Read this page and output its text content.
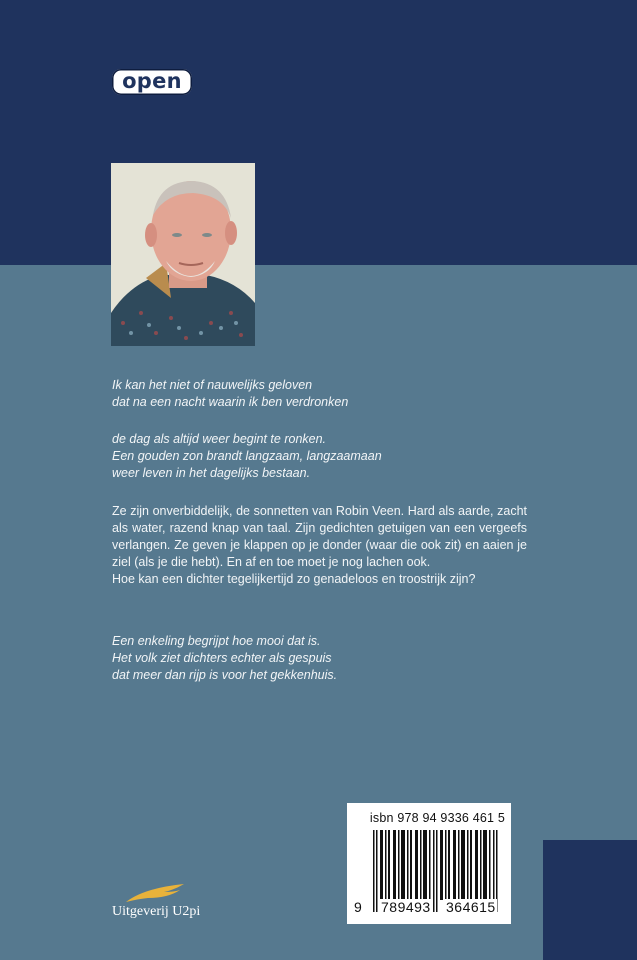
open
Ik kan het niet of nauwelijks geloven
dat na een nacht waarin ik ben verdronken
de dag als altijd weer begint te ronken.
Een gouden zon brandt langzaam, langzaamaan
weer leven in het dagelijks bestaan.
Ze zijn onverbiddelijk, de sonnetten van Robin Veen. Hard als aarde, zacht als water, razend knap van taal. Zijn gedichten getuigen van een vergeefs verlangen. Ze geven je klappen op je donder (waar die ook zit) en aaien je ziel (als je die hebt). En af en toe moet je nog lachen ook.
Hoe kan een dichter tegelijkertijd zo genadeloos en troostrijk zijn?
Een enkeling begrijpt hoe mooi dat is.
Het volk ziet dichters echter als gespuis
dat meer dan rijp is voor het gekkenhuis.
isbn 978 94 9336 461 5
9 789493 364615
Uitgeverij U2pi
